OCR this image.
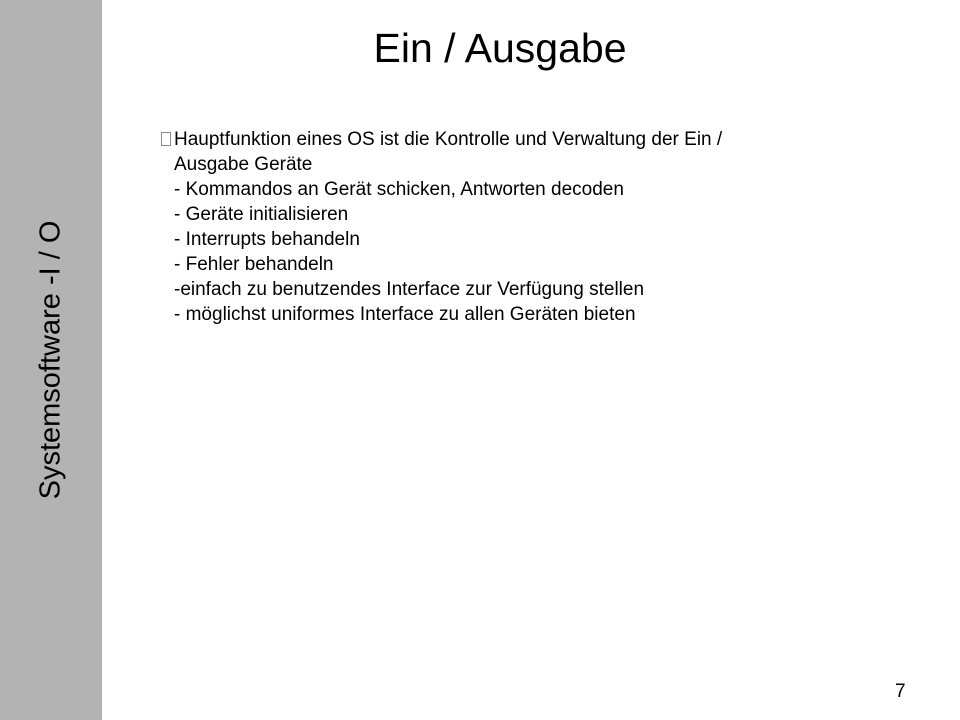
Systemsoftware -I / O
Ein / Ausgabe
Hauptfunktion eines OS ist die Kontrolle und Verwaltung der Ein /
Ausgabe Geräte
- Kommandos an Gerät schicken, Antworten decoden
- Geräte initialisieren
- Interrupts behandeln
- Fehler behandeln
-einfach zu benutzendes Interface zur Verfügung stellen
- möglichst uniformes Interface zu allen Geräten bieten
7
